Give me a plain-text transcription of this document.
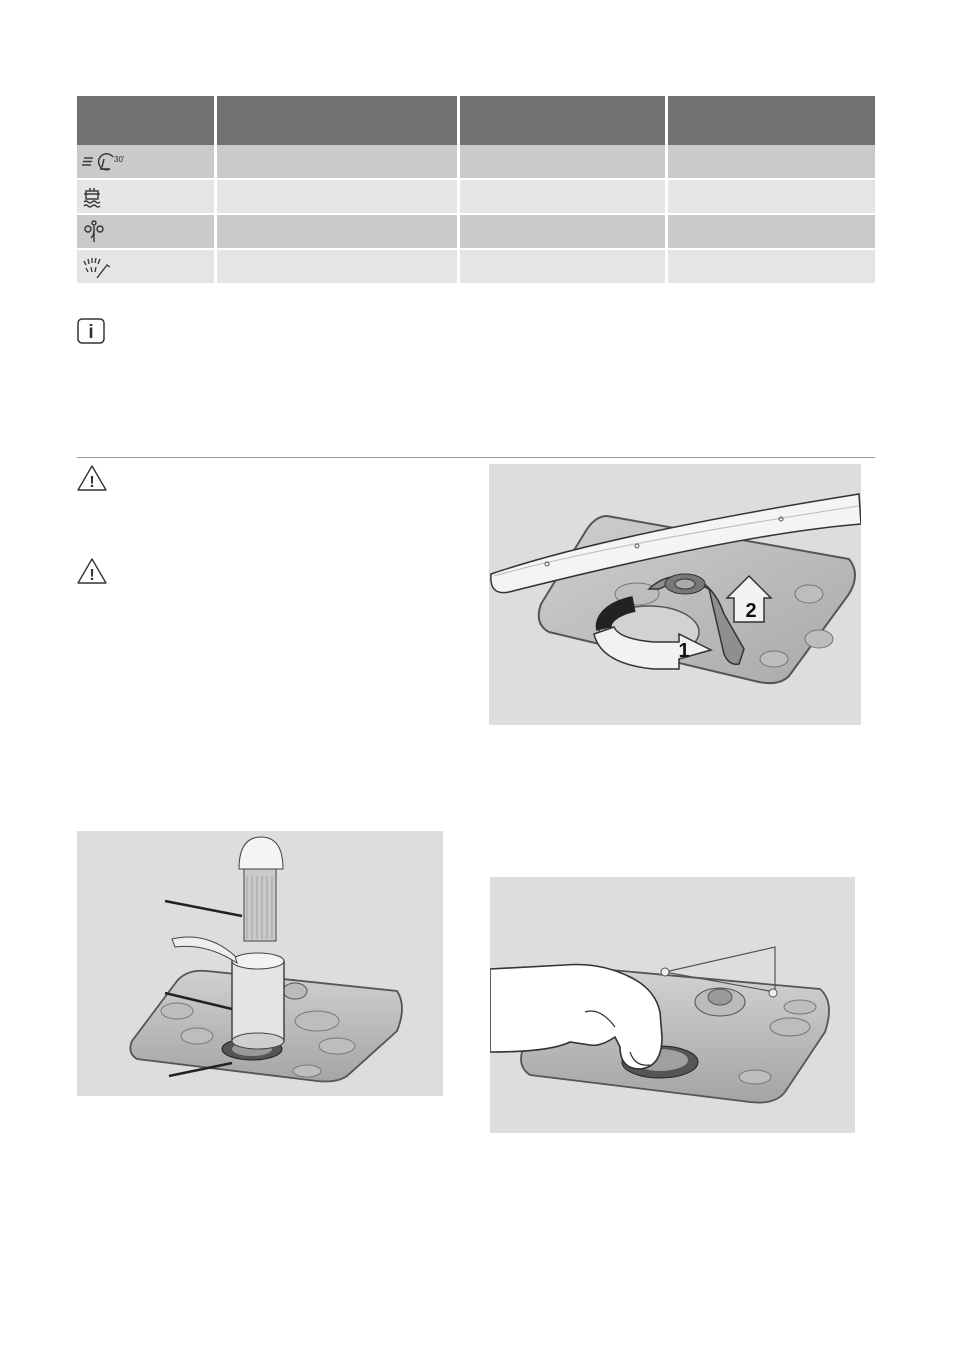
30'			

i
!
!
2
1
